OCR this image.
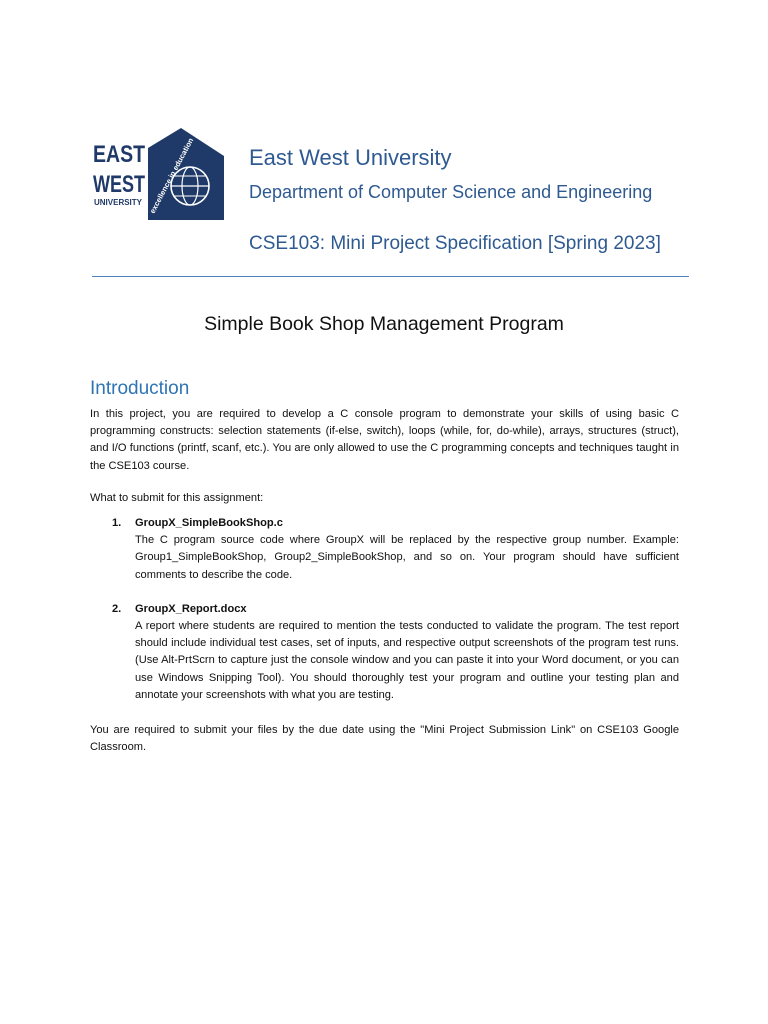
excellence in education
EAST
WEST
UNIVERSITY
East West University
Department of Computer Science and Engineering
CSE103: Mini Project Specification [Spring 2023]
Simple Book Shop Management Program
Introduction

In this project, you are required to develop a C console program to demonstrate your skills of using basic C programming constructs: selection statements (if-else, switch), loops (while, for, do-while), arrays, structures (struct), and I/O functions (printf, scanf, etc.). You are only allowed to use the C programming concepts and techniques taught in the CSE103 course.

What to submit for this assignment:

1. GroupX_SimpleBookShop.c
The C program source code where GroupX will be replaced by the respective group number. Example: Group1_SimpleBookShop, Group2_SimpleBookShop, and so on. Your program should have sufficient comments to describe the code.
2. GroupX_Report.docx
A report where students are required to mention the tests conducted to validate the program. The test report should include individual test cases, set of inputs, and respective output screenshots of the program test runs. (Use Alt-PrtScrn to capture just the console window and you can paste it into your Word document, or you can use Windows Snipping Tool). You should thoroughly test your program and outline your testing plan and annotate your screenshots with what you are testing.

You are required to submit your files by the due date using the "Mini Project Submission Link" on CSE103 Google Classroom.
